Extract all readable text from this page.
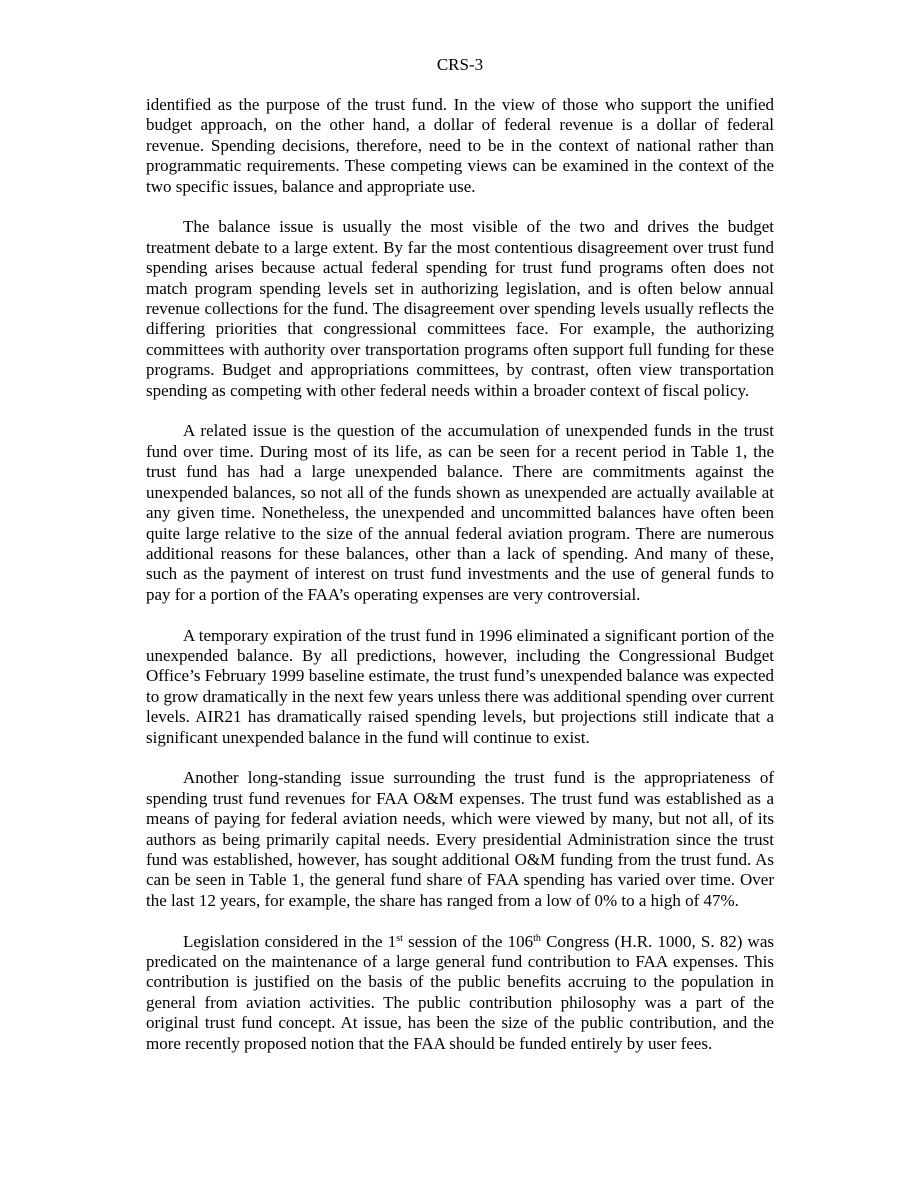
CRS-3

identified as the purpose of the trust fund. In the view of those who support the unified budget approach, on the other hand, a dollar of federal revenue is a dollar of federal revenue. Spending decisions, therefore, need to be in the context of national rather than programmatic requirements. These competing views can be examined in the context of the two specific issues, balance and appropriate use.

The balance issue is usually the most visible of the two and drives the budget treatment debate to a large extent. By far the most contentious disagreement over trust fund spending arises because actual federal spending for trust fund programs often does not match program spending levels set in authorizing legislation, and is often below annual revenue collections for the fund. The disagreement over spending levels usually reflects the differing priorities that congressional committees face. For example, the authorizing committees with authority over transportation programs often support full funding for these programs. Budget and appropriations committees, by contrast, often view transportation spending as competing with other federal needs within a broader context of fiscal policy.

A related issue is the question of the accumulation of unexpended funds in the trust fund over time. During most of its life, as can be seen for a recent period in Table 1, the trust fund has had a large unexpended balance. There are commitments against the unexpended balances, so not all of the funds shown as unexpended are actually available at any given time. Nonetheless, the unexpended and uncommitted balances have often been quite large relative to the size of the annual federal aviation program. There are numerous additional reasons for these balances, other than a lack of spending. And many of these, such as the payment of interest on trust fund investments and the use of general funds to pay for a portion of the FAA’s operating expenses are very controversial.

A temporary expiration of the trust fund in 1996 eliminated a significant portion of the unexpended balance. By all predictions, however, including the Congressional Budget Office’s February 1999 baseline estimate, the trust fund’s unexpended balance was expected to grow dramatically in the next few years unless there was additional spending over current levels. AIR21 has dramatically raised spending levels, but projections still indicate that a significant unexpended balance in the fund will continue to exist.

Another long-standing issue surrounding the trust fund is the appropriateness of spending trust fund revenues for FAA O&M expenses. The trust fund was established as a means of paying for federal aviation needs, which were viewed by many, but not all, of its authors as being primarily capital needs. Every presidential Administration since the trust fund was established, however, has sought additional O&M funding from the trust fund. As can be seen in Table 1, the general fund share of FAA spending has varied over time. Over the last 12 years, for example, the share has ranged from a low of 0% to a high of 47%.

Legislation considered in the 1st session of the 106th Congress (H.R. 1000, S. 82) was predicated on the maintenance of a large general fund contribution to FAA expenses. This contribution is justified on the basis of the public benefits accruing to the population in general from aviation activities. The public contribution philosophy was a part of the original trust fund concept. At issue, has been the size of the public contribution, and the more recently proposed notion that the FAA should be funded entirely by user fees.
